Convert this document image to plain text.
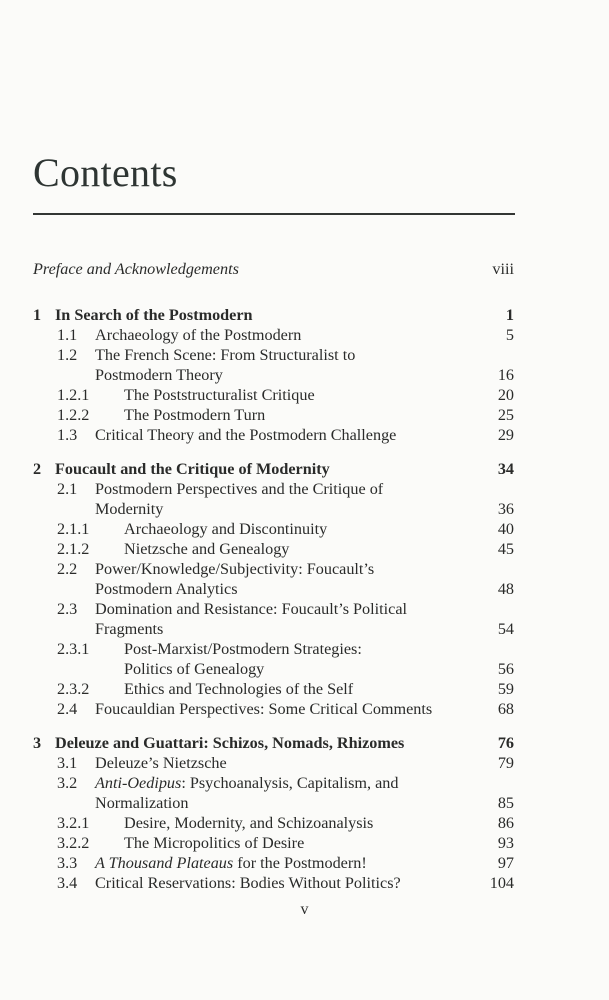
Contents
Preface and Acknowledgements	viii
1 In Search of the Postmodern	1
1.1 Archaeology of the Postmodern	5
1.2 The French Scene: From Structuralist to
Postmodern Theory	16
1.2.1 The Poststructuralist Critique	20
1.2.2 The Postmodern Turn	25
1.3 Critical Theory and the Postmodern Challenge	29
2 Foucault and the Critique of Modernity	34
2.1 Postmodern Perspectives and the Critique of
Modernity	36
2.1.1 Archaeology and Discontinuity	40
2.1.2 Nietzsche and Genealogy	45
2.2 Power/Knowledge/Subjectivity: Foucault’s
Postmodern Analytics	48
2.3 Domination and Resistance: Foucault’s Political
Fragments	54
2.3.1 Post-Marxist/Postmodern Strategies:
Politics of Genealogy	56
2.3.2 Ethics and Technologies of the Self	59
2.4 Foucauldian Perspectives: Some Critical Comments	68
3 Deleuze and Guattari: Schizos, Nomads, Rhizomes	76
3.1 Deleuze’s Nietzsche	79
3.2 Anti-Oedipus: Psychoanalysis, Capitalism, and
Normalization	85
3.2.1 Desire, Modernity, and Schizoanalysis	86
3.2.2 The Micropolitics of Desire	93
3.3 A Thousand Plateaus for the Postmodern!	97
3.4 Critical Reservations: Bodies Without Politics?	104
v
